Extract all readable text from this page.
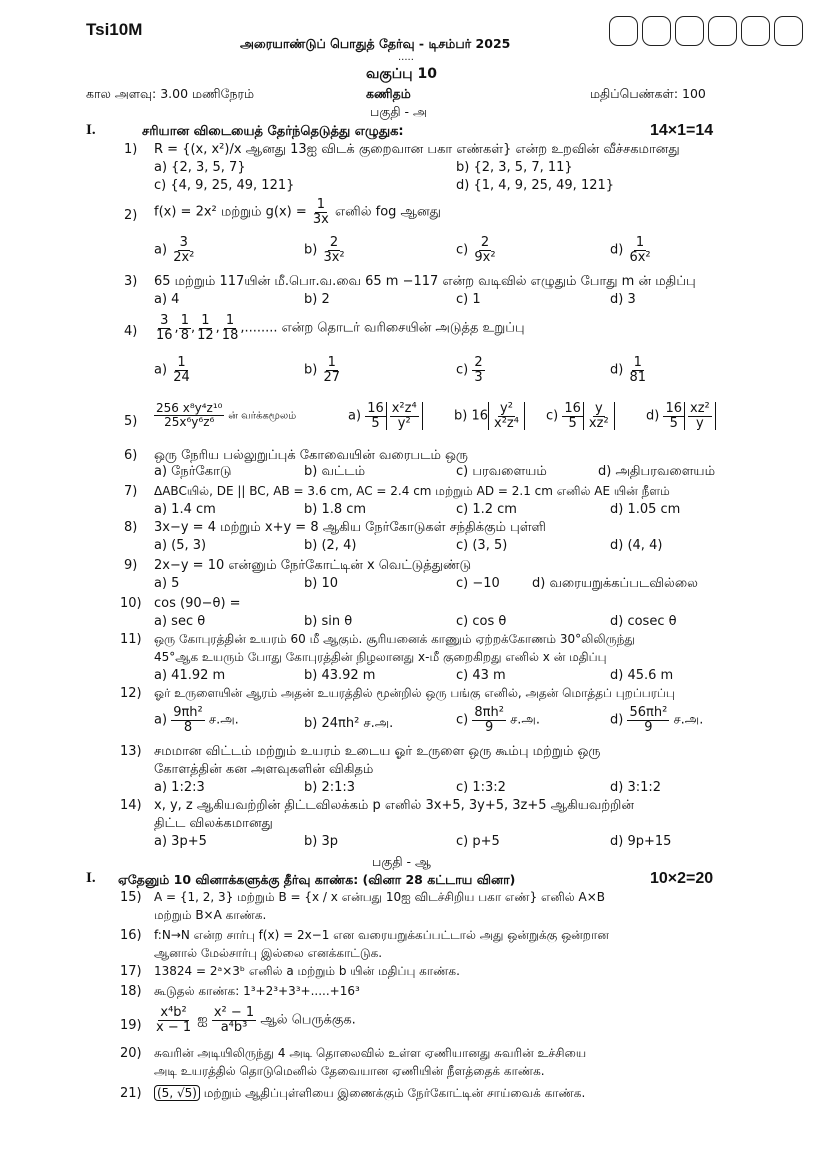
Tsi10M
அரையாண்டுப் பொதுத் தேர்வு - டிசம்பர் 2025
.....
வகுப்பு 10
கால அளவு: 3.00 மணிநேரம்	கணிதம்	மதிப்பெண்கள்: 100
பகுதி - அ
I.	சரியான விடையைத் தேர்ந்தெடுத்து எழுதுக:	14×1=14
1) R = {(x, x²)/x ஆனது 13ஐ விடக் குறைவான பகா எண்கள்} என்ற உறவின் வீச்சகமானது
a) {2, 3, 5, 7}	b) {2, 3, 5, 7, 11}
c) {4, 9, 25, 49, 121}	d) {1, 4, 9, 25, 49, 121}
2) f(x) = 2x² மற்றும் $g(x) = \frac{1}{3x}$ எனில் fog ஆனது
$a) \frac{3}{\text{2x²}}$	$b) \frac{2}{\text{3x²}}$	$c) \frac{2}{\text{9x²}}$	$d) \frac{1}{\text{6x²}}$
3) 65 மற்றும் 117யின் மீ.பொ.வ.வை 65 m −117 என்ற வடிவில் எழுதும் போது m ன் மதிப்பு
a) 4	b) 2	c) 1	d) 3
$4) \frac{3}{16}$ , $\frac{1}{8}$ , $\frac{1}{12}$ , $\frac{1}{18}$ ,........ என்ற தொடர் வரிசையின் அடுத்த உறுப்பு
$a) \frac{1}{24}$	$b) \frac{1}{27}$	$c) \frac{2}{3}$	$d) \frac{1}{81}$
$5) \frac{\text{256 x⁸y⁴z¹⁰}}{\text{25x⁶y⁶z⁶}}$ ன் வர்க்கமூலம்	$a) \frac{16}{5} \frac{\text{x²z⁴}}{\text{y²}} b$) $16 \frac{\text{y²}}{\text{x²z⁴}} c) \frac{16}{5} \frac{y}{\text{xz²}} d) \frac{16}{5} \frac{\text{xz²}}{y}$
6) ஒரு நேரிய பல்லுறுப்புக் கோவையின் வரைபடம் ஒரு
a) நேர்கோடு	b) வட்டம்	c) பரவளையம்	d) அதிபரவளையம்
7) ΔABCயில், DE || BC, AB = 3.6 cm, AC = 2.4 cm மற்றும் AD = 2.1 cm எனில் AE யின் நீளம்
a) 1.4 cm	b) 1.8 cm	c) 1.2 cm	d) 1.05 cm
8) 3x−y = 4 மற்றும் x+y = 8 ஆகிய நேர்கோடுகள் சந்திக்கும் புள்ளி
a) (5, 3)	b) (2, 4)	c) (3, 5)	d) (4, 4)
9) 2x−y = 10 என்னும் நேர்கோட்டின் x வெட்டுத்துண்டு
a) 5	b) 10	c) −10 d) வரையறுக்கப்படவில்லை
10) cos (90−θ) =
a) sec θ	b) sin θ	c) cos θ	d) cosec θ
11) ஒரு கோபுரத்தின் உயரம் 60 மீ ஆகும். சூரியனைக் காணும் ஏற்றக்கோணம் 30°லிலிருந்து
45°ஆக உயரும் போது கோபுரத்தின் நிழலானது x-மீ குறைகிறது எனில் x ன் மதிப்பு
a) 41.92 m	b) 43.92 m	c) 43 m	d) 45.6 m
12) ஓர் உருளையின் ஆரம் அதன் உயரத்தில் மூன்றில் ஒரு பங்கு எனில், அதன் மொத்தப் புறப்பரப்பு
$a) \frac{\text{9πh²}}{8}$ ச.அ.	b) 24πh² ச.அ.	$c) \frac{\text{8πh²}}{9}$ ச.அ.	$d) \frac{\text{56πh²}}{9}$ ச.அ.
13) சமமான விட்டம் மற்றும் உயரம் உடைய ஓர் உருளை ஒரு கூம்பு மற்றும் ஒரு
கோளத்தின் கன அளவுகளின் விகிதம்
a) 1:2:3	b) 2:1:3	c) 1:3:2	d) 3:1:2
14) x, y, z ஆகியவற்றின் திட்டவிலக்கம் p எனில் 3x+5, 3y+5, 3z+5 ஆகியவற்றின்
திட்ட விலக்கமானது
a) 3p+5	b) 3p	c) p+5	d) 9p+15
பகுதி - ஆ
I. ஏதேனும் 10 வினாக்களுக்கு தீர்வு காண்க: (வினா 28 கட்டாய வினா)	10×2=20
15) A = {1, 2, 3} மற்றும் B = {x / x என்பது 10ஐ விடச்சிறிய பகா எண்} எனில் A×B
மற்றும் B×A காண்க.
16) f:N→N என்ற சார்பு f(x) = 2x−1 என வரையறுக்கப்பட்டால் அது ஒன்றுக்கு ஒன்றான
ஆனால் மேல்சார்பு இல்லை எனக்காட்டுக.
17) 13824 = 2ᵃ×3ᵇ எனில் a மற்றும் b யின் மதிப்பு காண்க.
18) கூடுதல் காண்க: 1³+2³+3³+.....+16³
$19) \frac{\text{x⁴b²}}{x - 1}$ ஐ $\frac{\text{x² − 1}}{\text{a⁴b³}}$ ஆல் பெருக்குக.
20) சுவரின் அடியிலிருந்து 4 அடி தொலைவில் உள்ள ஏணியானது சுவரின் உச்சியை
அடி உயரத்தில் தொடுமெனில் தேவையான ஏணியின் நீளத்தைக் காண்க.
21) (5, √5) மற்றும் ஆதிப்புள்ளியை இணைக்கும் நேர்கோட்டின் சாய்வைக் காண்க.
